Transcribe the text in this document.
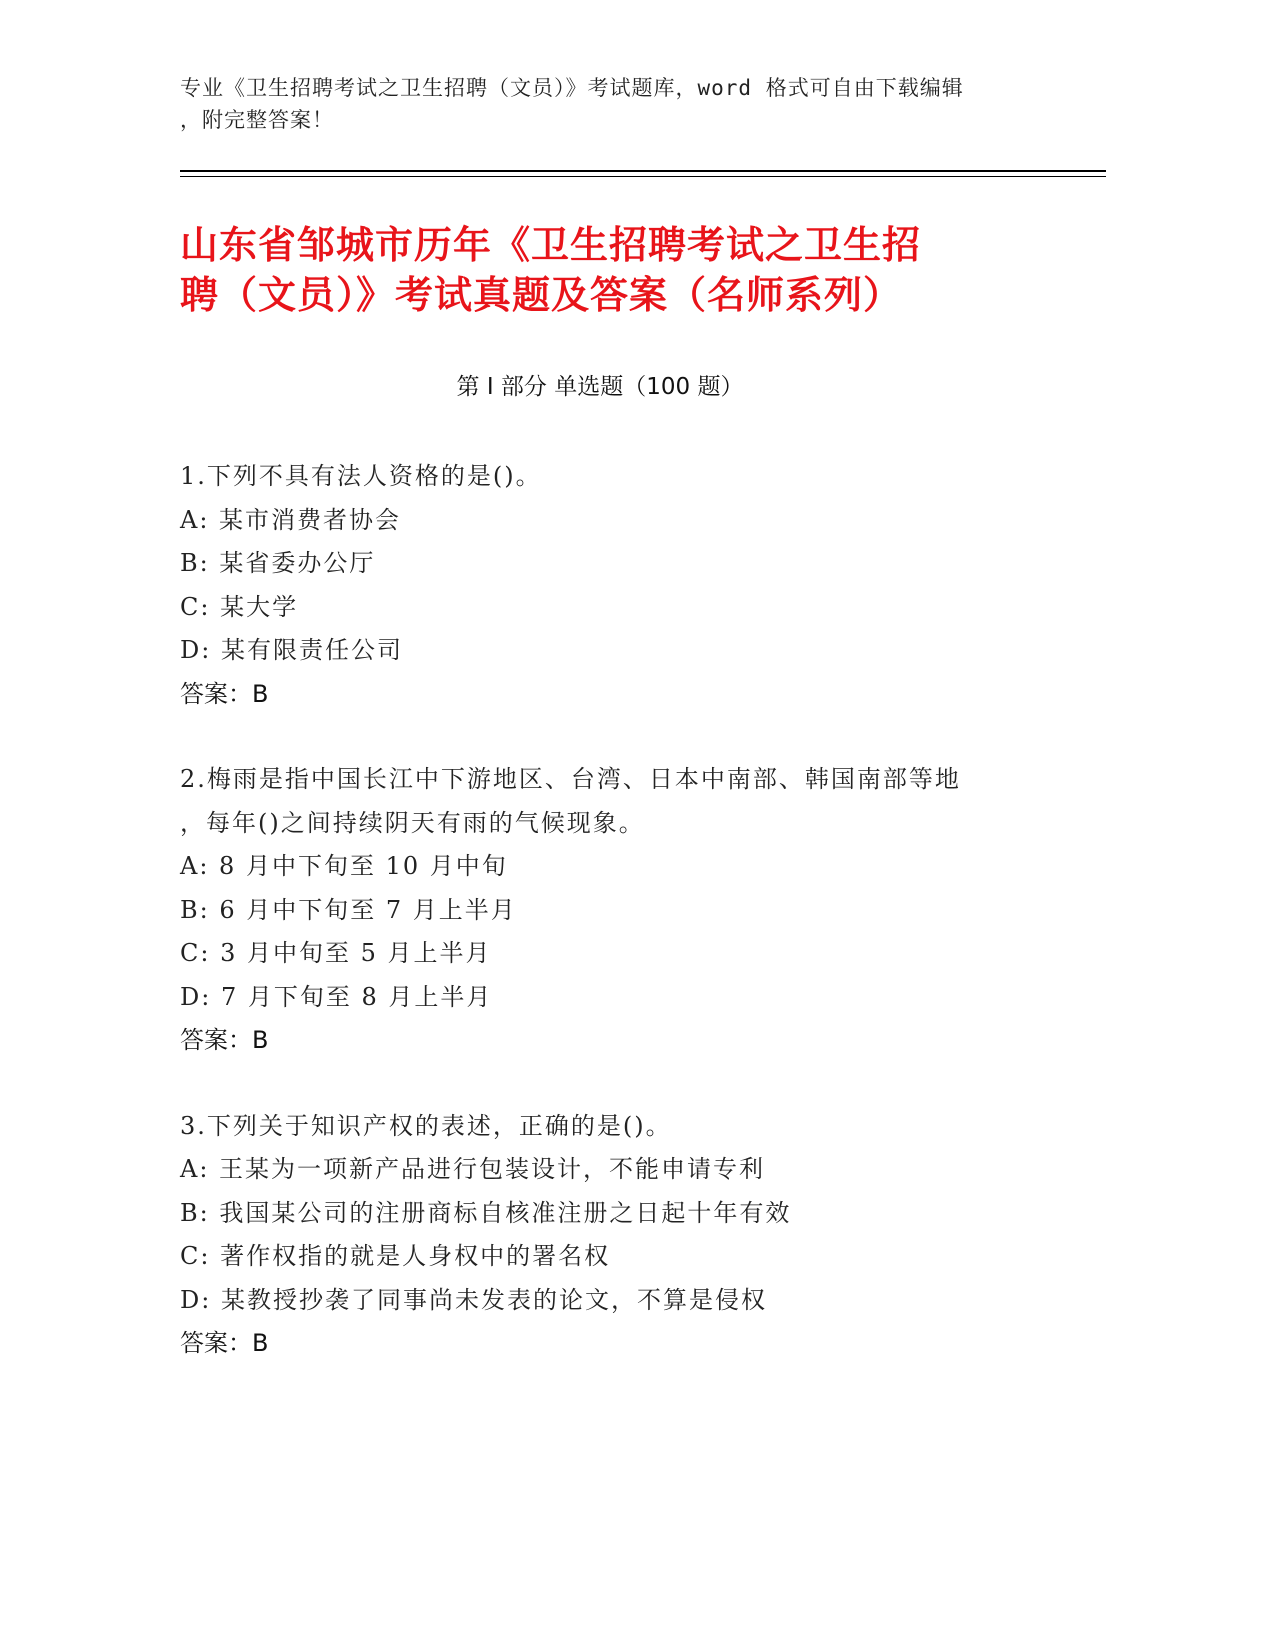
专业《卫生招聘考试之卫生招聘（文员）》考试题库，word 格式可自由下载编辑
，附完整答案！
山东省邹城市历年《卫生招聘考试之卫生招
聘（文员）》考试真题及答案（名师系列）
第 I 部分 单选题（100 题）
1.下列不具有法人资格的是()。
A: 某市消费者协会
B: 某省委办公厅
C: 某大学
D: 某有限责任公司
答案：B
2.梅雨是指中国长江中下游地区、台湾、日本中南部、韩国南部等地
，每年()之间持续阴天有雨的气候现象。
A: 8 月中下旬至 10 月中旬
B: 6 月中下旬至 7 月上半月
C: 3 月中旬至 5 月上半月
D: 7 月下旬至 8 月上半月
答案：B
3.下列关于知识产权的表述，正确的是()。
A: 王某为一项新产品进行包装设计，不能申请专利
B: 我国某公司的注册商标自核准注册之日起十年有效
C: 著作权指的就是人身权中的署名权
D: 某教授抄袭了同事尚未发表的论文，不算是侵权
答案：B
